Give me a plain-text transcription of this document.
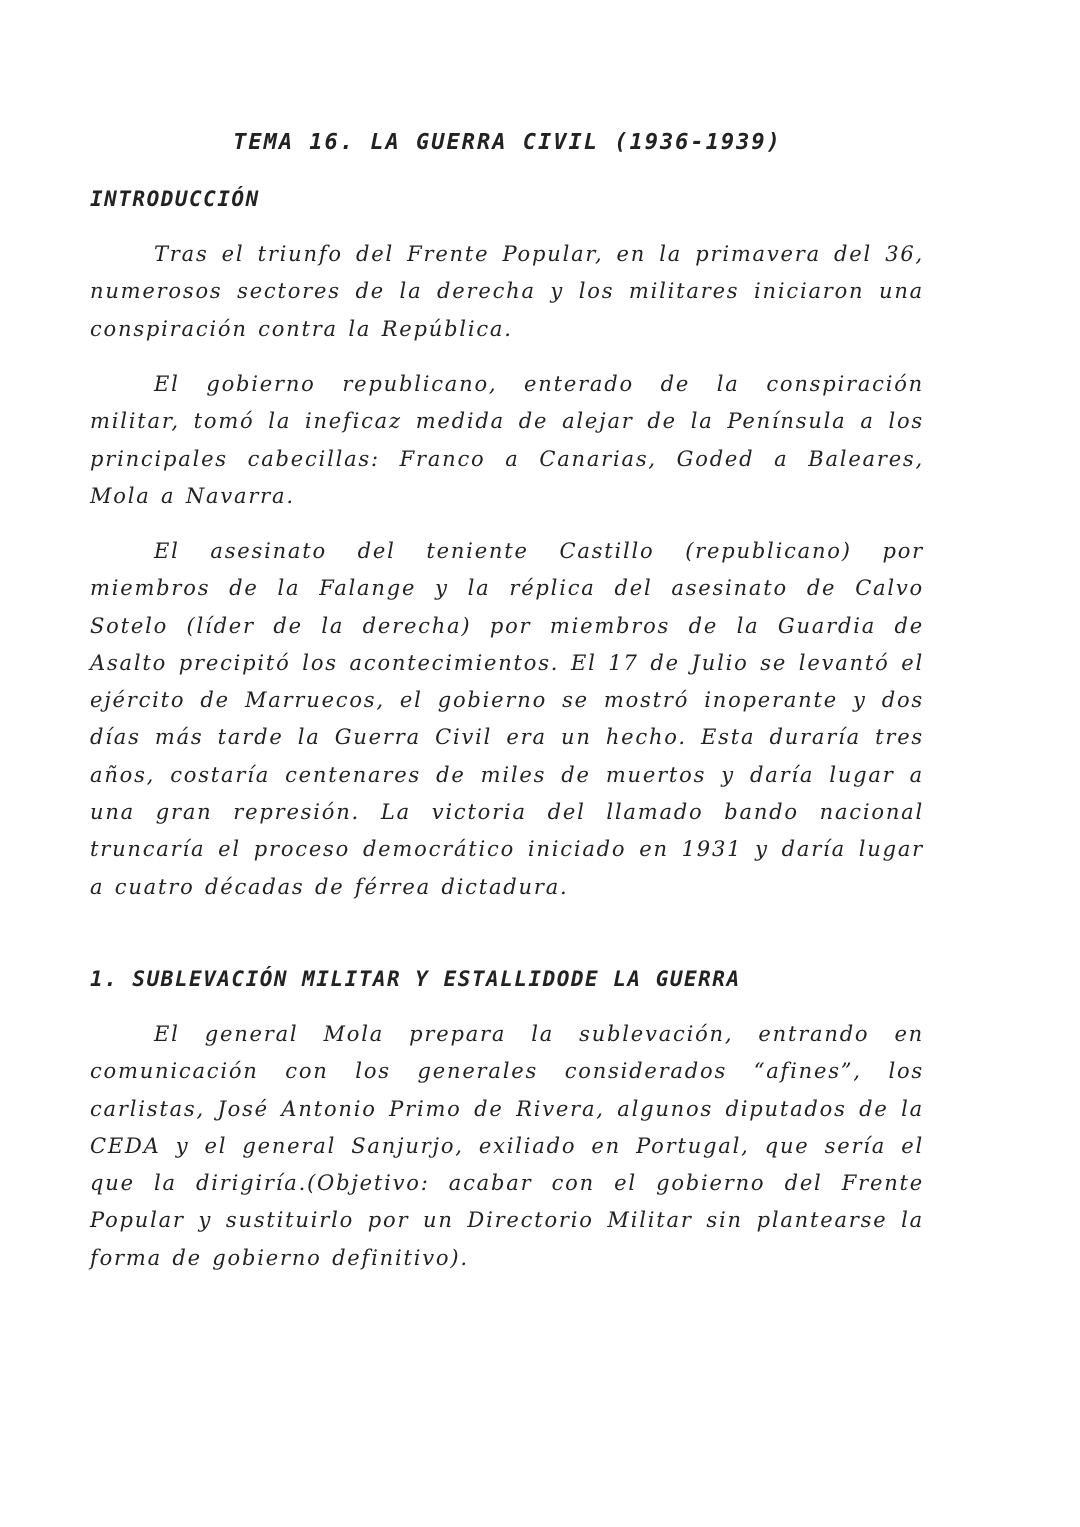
TEMA 16. LA GUERRA CIVIL (1936-1939)
INTRODUCCIÓN

Tras el triunfo del Frente Popular, en la primavera del 36, numerosos sectores de la derecha y los militares iniciaron una conspiración contra la República.

El gobierno republicano, enterado de la conspiración militar, tomó la ineficaz medida de alejar de la Península a los principales cabecillas: Franco a Canarias, Goded a Baleares, Mola a Navarra.

El asesinato del teniente Castillo (republicano) por miembros de la Falange y la réplica del asesinato de Calvo Sotelo (líder de la derecha) por miembros de la Guardia de Asalto precipitó los acontecimientos. El 17 de Julio se levantó el ejército de Marruecos, el gobierno se mostró inoperante y dos días más tarde la Guerra Civil era un hecho. Esta duraría tres años, costaría centenares de miles de muertos y daría lugar a una gran represión. La victoria del llamado bando nacional truncaría el proceso democrático iniciado en 1931 y daría lugar a cuatro décadas de férrea dictadura.

1. SUBLEVACIÓN MILITAR Y ESTALLIDODE LA GUERRA

El general Mola prepara la sublevación, entrando en comunicación con los generales considerados “afines”, los carlistas, José Antonio Primo de Rivera, algunos diputados de la CEDA y el general Sanjurjo, exiliado en Portugal, que sería el que la dirigiría.(Objetivo: acabar con el gobierno del Frente Popular y sustituirlo por un Directorio Militar sin plantearse la forma de gobierno definitivo).
